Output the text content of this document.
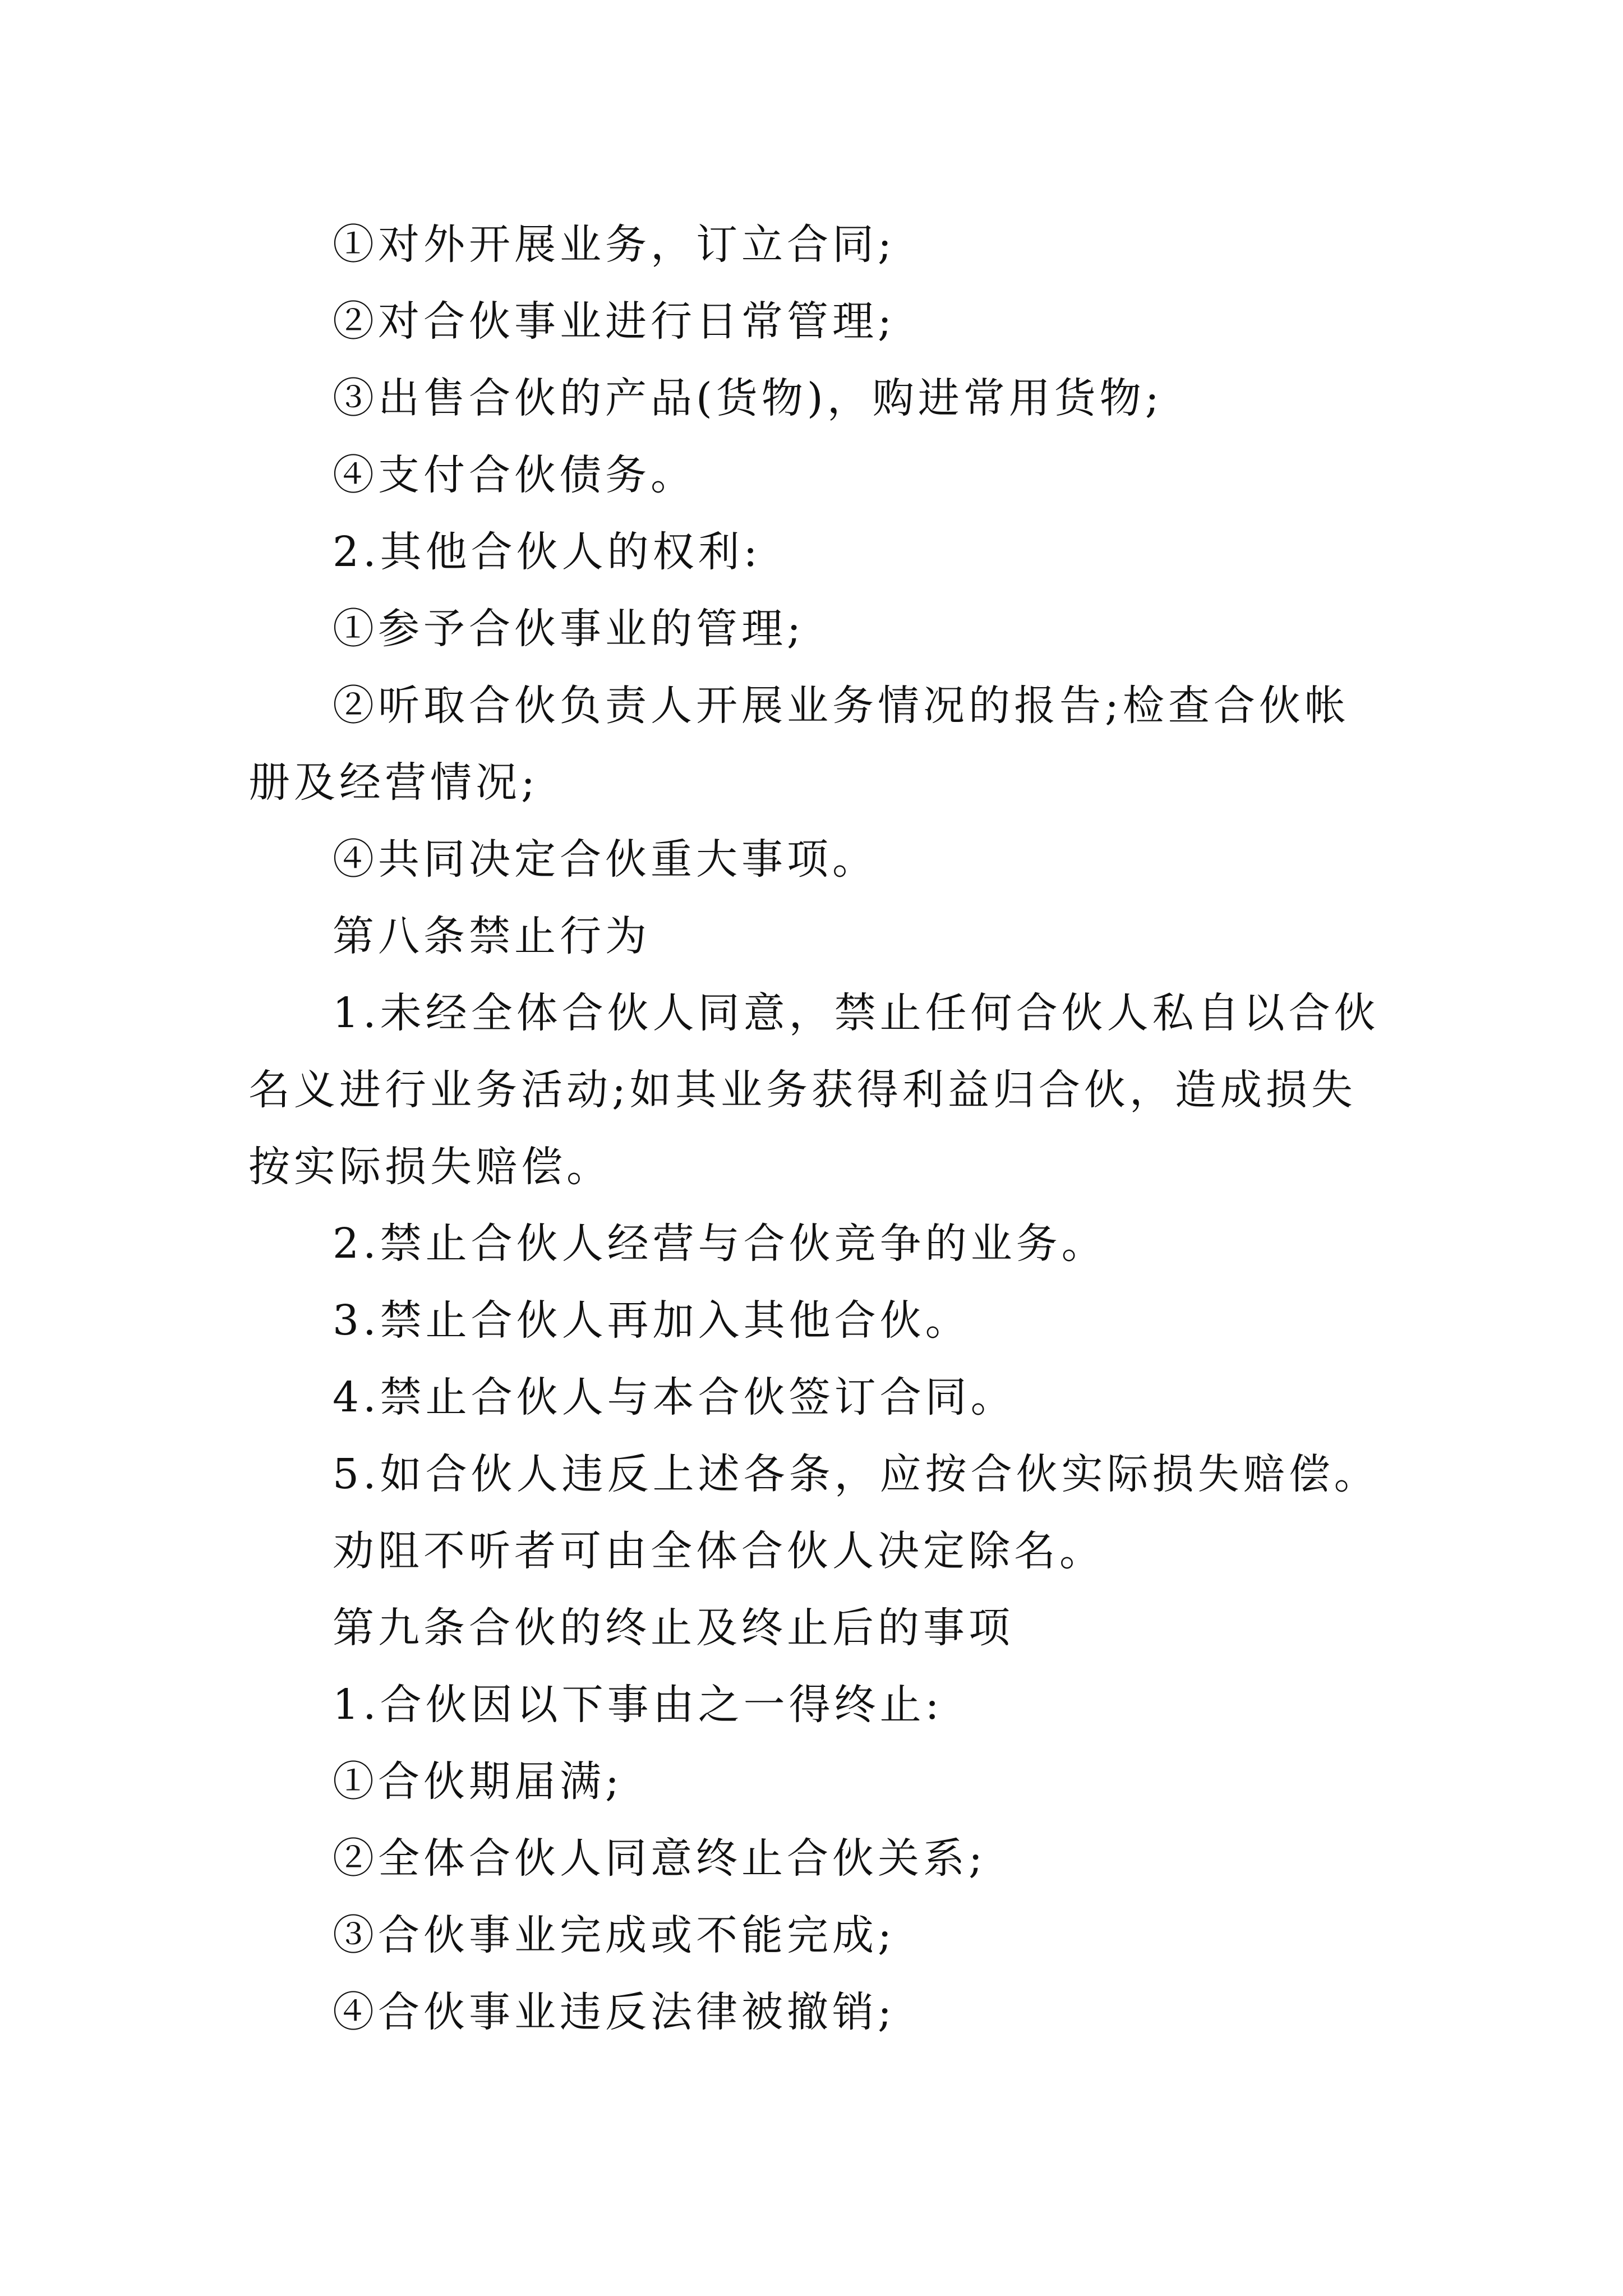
①对外开展业务，订立合同;

②对合伙事业进行日常管理;

③出售合伙的产品(货物)，购进常用货物;

④支付合伙债务。

2.其他合伙人的权利:

①参予合伙事业的管理;

②听取合伙负责人开展业务情况的报告;检查合伙帐册及经营情况;

④共同决定合伙重大事项。

第八条禁止行为

1.未经全体合伙人同意，禁止任何合伙人私自以合伙名义进行业务活动;如其业务获得利益归合伙，造成损失按实际损失赔偿。

2.禁止合伙人经营与合伙竞争的业务。

3.禁止合伙人再加入其他合伙。

4.禁止合伙人与本合伙签订合同。

5.如合伙人违反上述各条，应按合伙实际损失赔偿。

劝阻不听者可由全体合伙人决定除名。

第九条合伙的终止及终止后的事项

1.合伙因以下事由之一得终止:

①合伙期届满;

②全体合伙人同意终止合伙关系;

③合伙事业完成或不能完成;

④合伙事业违反法律被撤销;
